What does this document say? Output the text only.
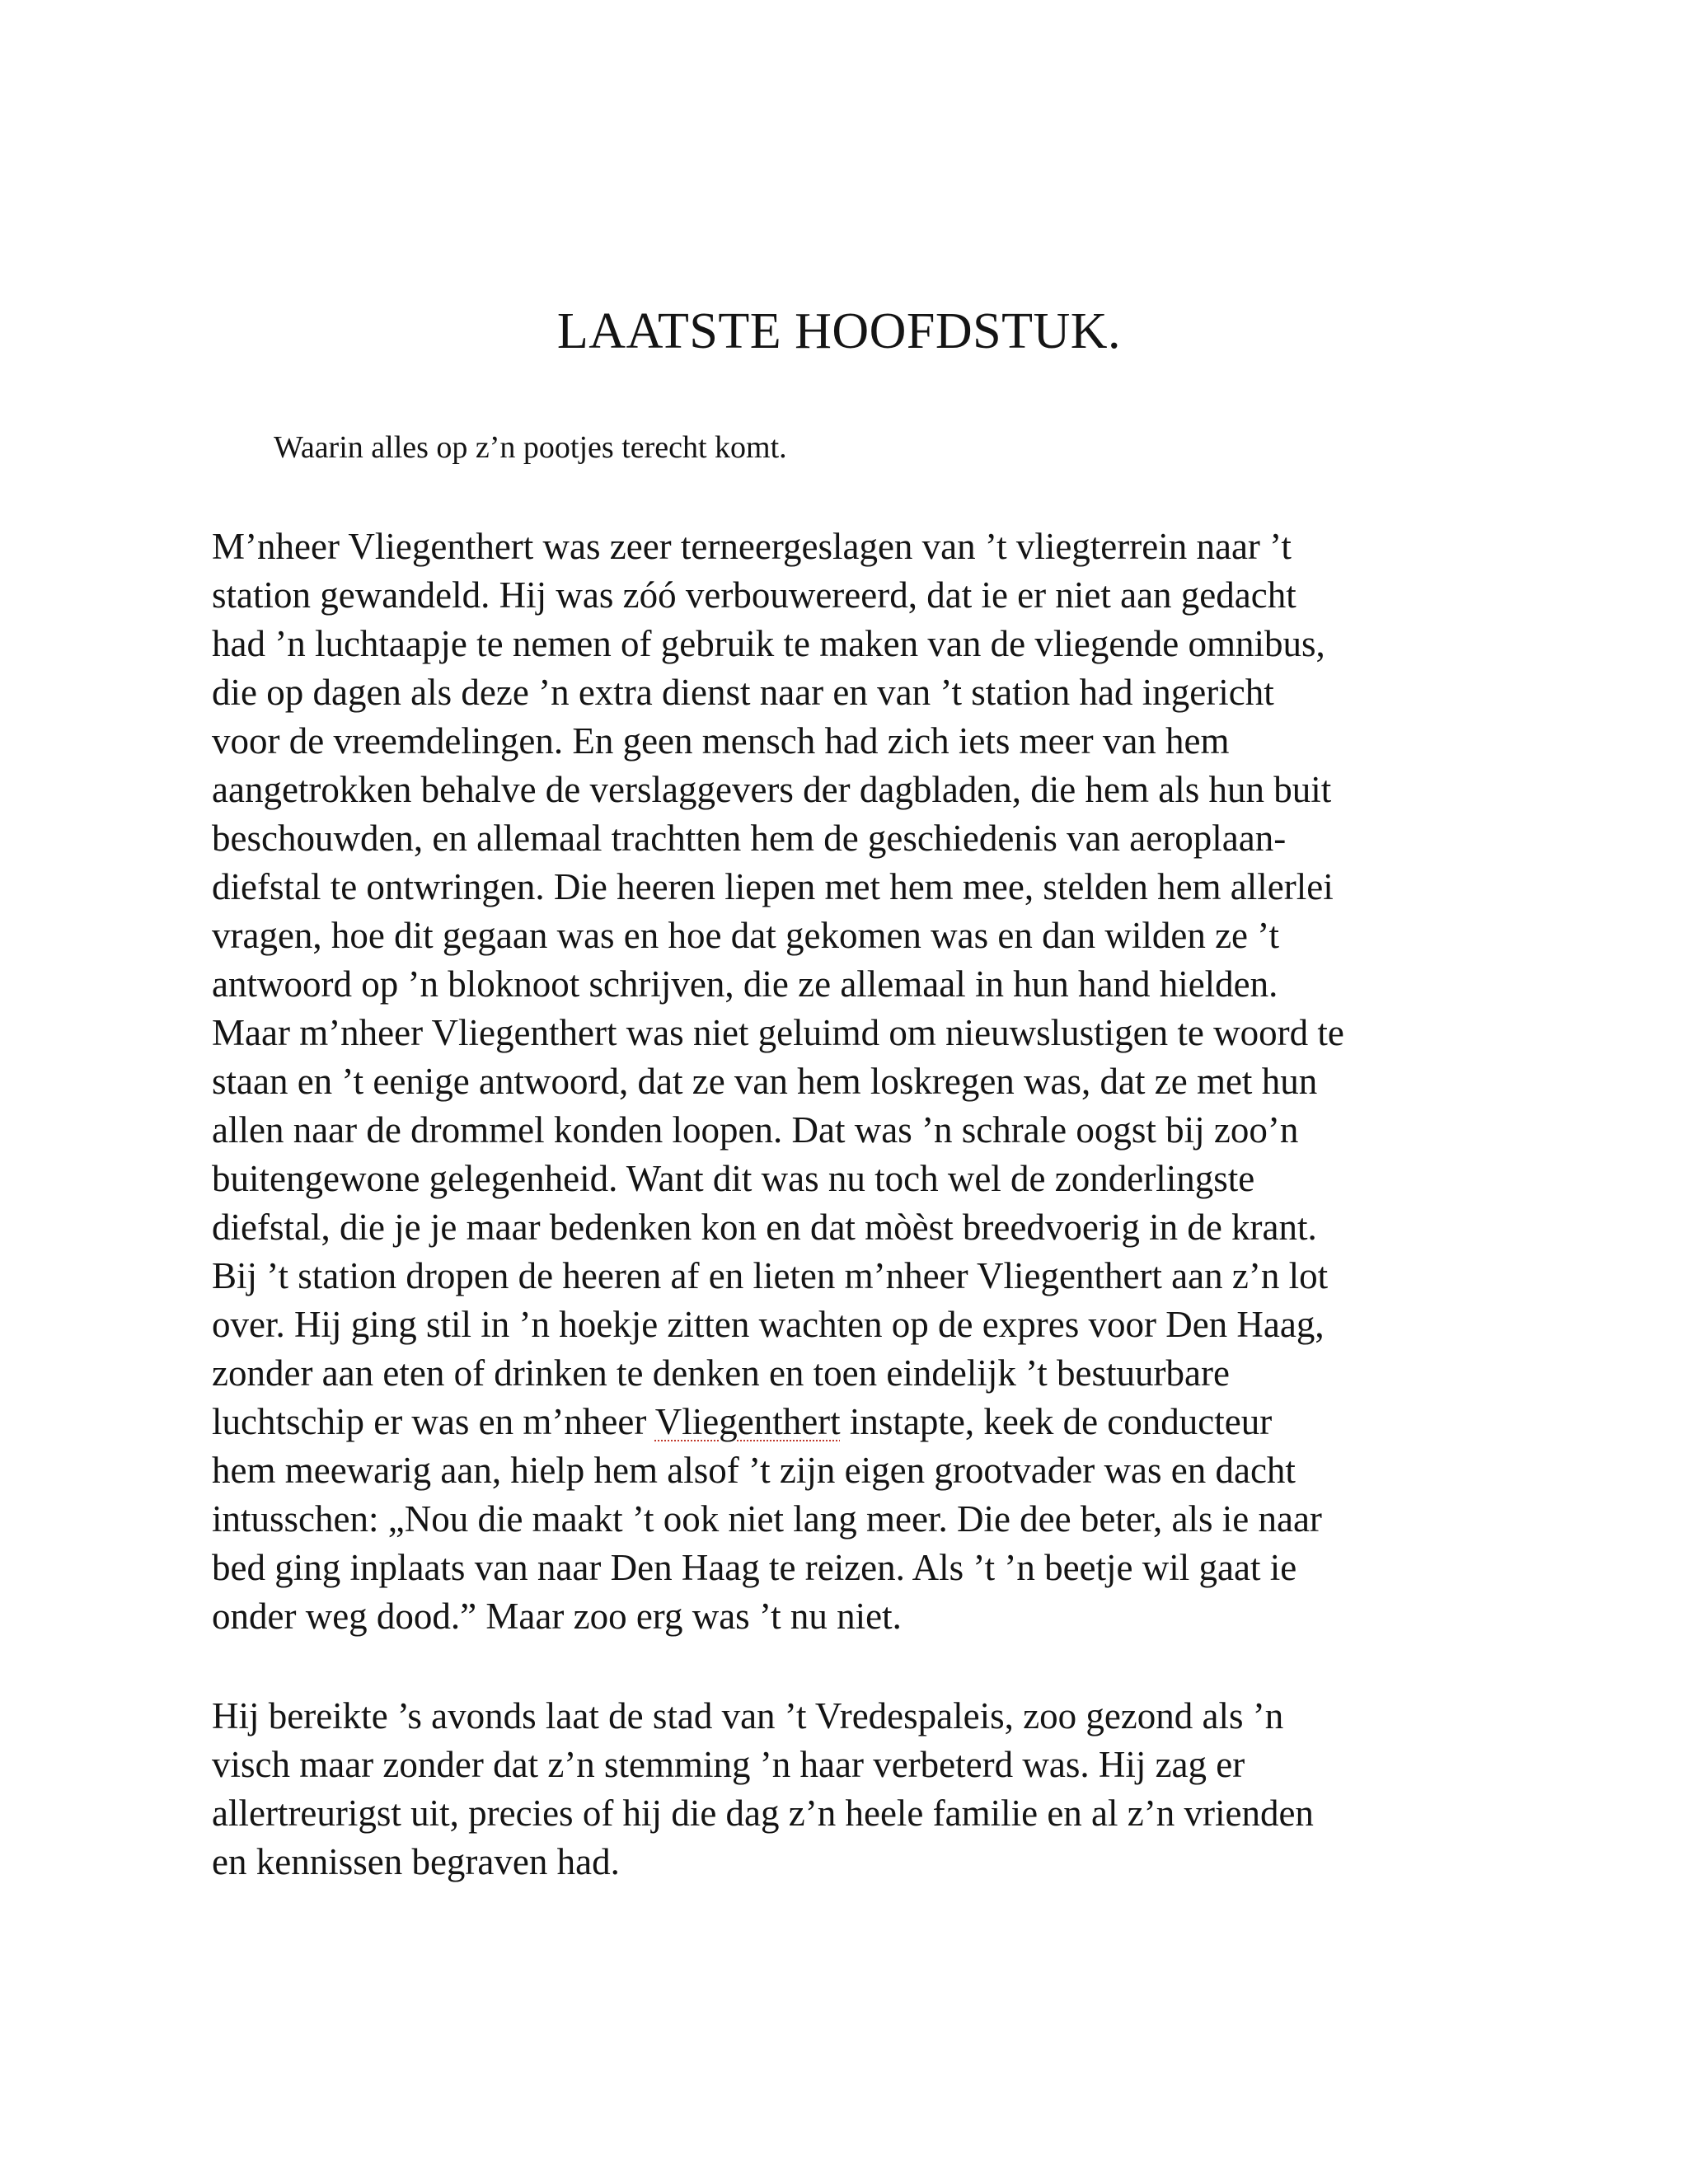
LAATSTE HOOFDSTUK.

Waarin alles op z’n pootjes terecht komt.

M’nheer Vliegenthert was zeer terneergeslagen van ’t vliegterrein naar ’t
station gewandeld. Hij was zóó verbouwereerd, dat ie er niet aan gedacht
had ’n luchtaapje te nemen of gebruik te maken van de vliegende omnibus,
die op dagen als deze ’n extra dienst naar en van ’t station had ingericht
voor de vreemdelingen. En geen mensch had zich iets meer van hem
aangetrokken behalve de verslaggevers der dagbladen, die hem als hun buit
beschouwden, en allemaal trachtten hem de geschiedenis van aeroplaan-
diefstal te ontwringen. Die heeren liepen met hem mee, stelden hem allerlei
vragen, hoe dit gegaan was en hoe dat gekomen was en dan wilden ze ’t
antwoord op ’n bloknoot schrijven, die ze allemaal in hun hand hielden.
Maar m’nheer Vliegenthert was niet geluimd om nieuwslustigen te woord te
staan en ’t eenige antwoord, dat ze van hem loskregen was, dat ze met hun
allen naar de drommel konden loopen. Dat was ’n schrale oogst bij zoo’n
buitengewone gelegenheid. Want dit was nu toch wel de zonderlingste
diefstal, die je je maar bedenken kon en dat mòèst breedvoerig in de krant.
Bij ’t station dropen de heeren af en lieten m’nheer Vliegenthert aan z’n lot
over. Hij ging stil in ’n hoekje zitten wachten op de expres voor Den Haag,
zonder aan eten of drinken te denken en toen eindelijk ’t bestuurbare
luchtschip er was en m’nheer Vliegenthert instapte, keek de conducteur
hem meewarig aan, hielp hem alsof ’t zijn eigen grootvader was en dacht
intusschen: „Nou die maakt ’t ook niet lang meer. Die dee beter, als ie naar
bed ging inplaats van naar Den Haag te reizen. Als ’t ’n beetje wil gaat ie
onder weg dood.” Maar zoo erg was ’t nu niet.

Hij bereikte ’s avonds laat de stad van ’t Vredespaleis, zoo gezond als ’n
visch maar zonder dat z’n stemming ’n haar verbeterd was. Hij zag er
allertreurigst uit, precies of hij die dag z’n heele familie en al z’n vrienden
en kennissen begraven had.
